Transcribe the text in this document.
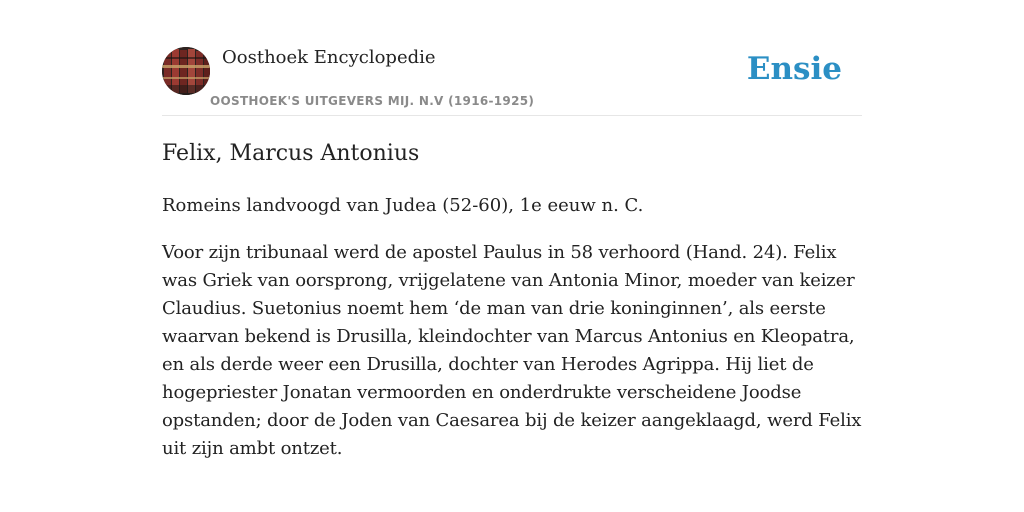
Oosthoek Encyclopedie
OOSTHOEK'S UITGEVERS MIJ. N.V (1916-1925)
Ensie
Felix, Marcus Antonius

Romeins landvoogd van Judea (52-60), 1e eeuw n. C.

Voor zijn tribunaal werd de apostel Paulus in 58 verhoord (Hand. 24). Felix was Griek van oorsprong, vrijgelatene van Antonia Minor, moeder van keizer Claudius. Suetonius noemt hem ‘de man van drie koninginnen’, als eerste waarvan bekend is Drusilla, kleindochter van Marcus Antonius en Kleopatra, en als derde weer een Drusilla, dochter van Herodes Agrippa. Hij liet de hogepriester Jonatan vermoorden en onderdrukte verscheidene Joodse opstanden; door de Joden van Caesarea bij de keizer aangeklaagd, werd Felix uit zijn ambt ontzet.
